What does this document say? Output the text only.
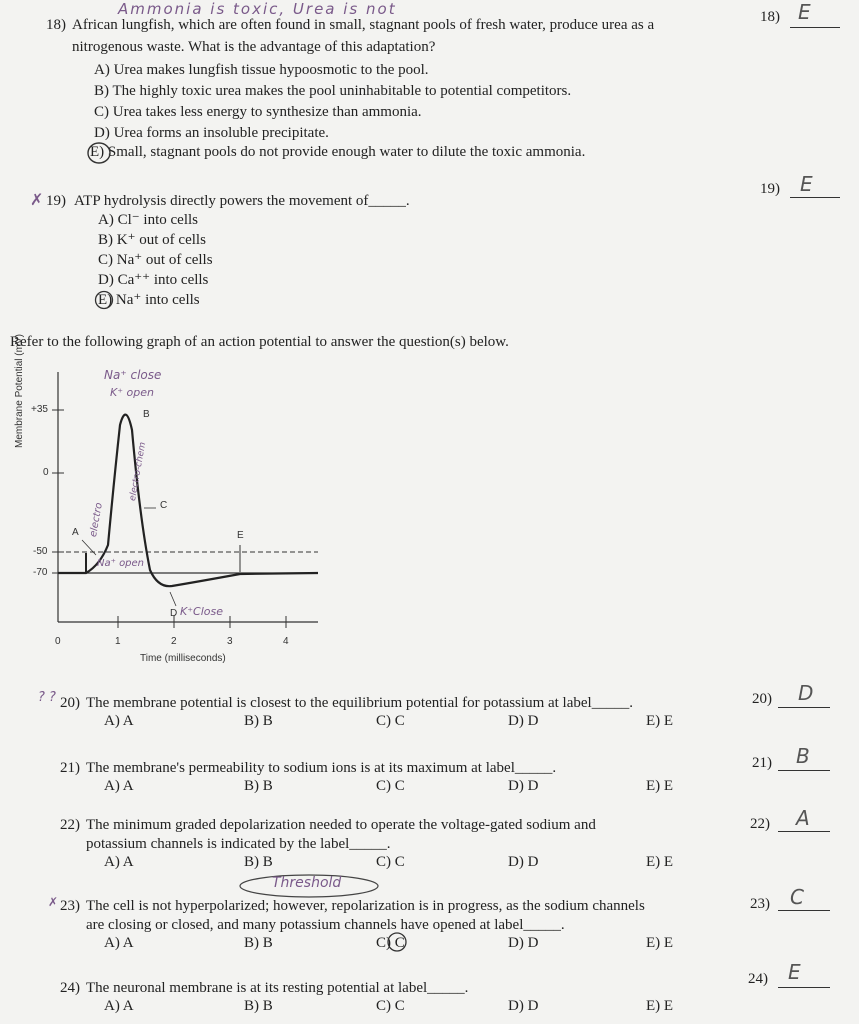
Ammonia is toxic, Urea is not
18) African lungfish, which are often found in small, stagnant pools of fresh water, produce urea as a
nitrogenous waste. What is the advantage of this adaptation?
A) Urea makes lungfish tissue hypoosmotic to the pool.
B) The highly toxic urea makes the pool uninhabitable to potential competitors.
C) Urea takes less energy to synthesize than ammonia.
D) Urea forms an insoluble precipitate.
E) Small, stagnant pools do not provide enough water to dilute the toxic ammonia.
18) E
✗ 19) ATP hydrolysis directly powers the movement of_____.
A) Cl⁻ into cells
B) K⁺ out of cells
C) Na⁺ out of cells
D) Ca⁺⁺ into cells
E) Na⁺ into cells
19) E
Refer to the following graph of an action potential to answer the question(s) below.
Membrane Potential (mV)
Time (milliseconds)
+35
0
-50
-70
0	1	2	3	4
A
B
C
D
E
Na⁺ close
K⁺ open
Na⁺ open
K⁺Close
electro
electro-chem
? ? 20) The membrane potential is closest to the equilibrium potential for potassium at label_____.
A) A	B) B	C) C	D) D	E) E
20) D
21) The membrane's permeability to sodium ions is at its maximum at label_____.
A) A	B) B	C) C	D) D	E) E
21) B
22) The minimum graded depolarization needed to operate the voltage-gated sodium and
potassium channels is indicated by the label_____.
A) A	B) B	C) C	D) D	E) E
22) A
Threshold
✗ 23) The cell is not hyperpolarized; however, repolarization is in progress, as the sodium channels
are closing or closed, and many potassium channels have opened at label_____.
A) A	B) B	C) C	D) D	E) E
23) C
24) The neuronal membrane is at its resting potential at label_____.
A) A	B) B	C) C	D) D	E) E
24) E
